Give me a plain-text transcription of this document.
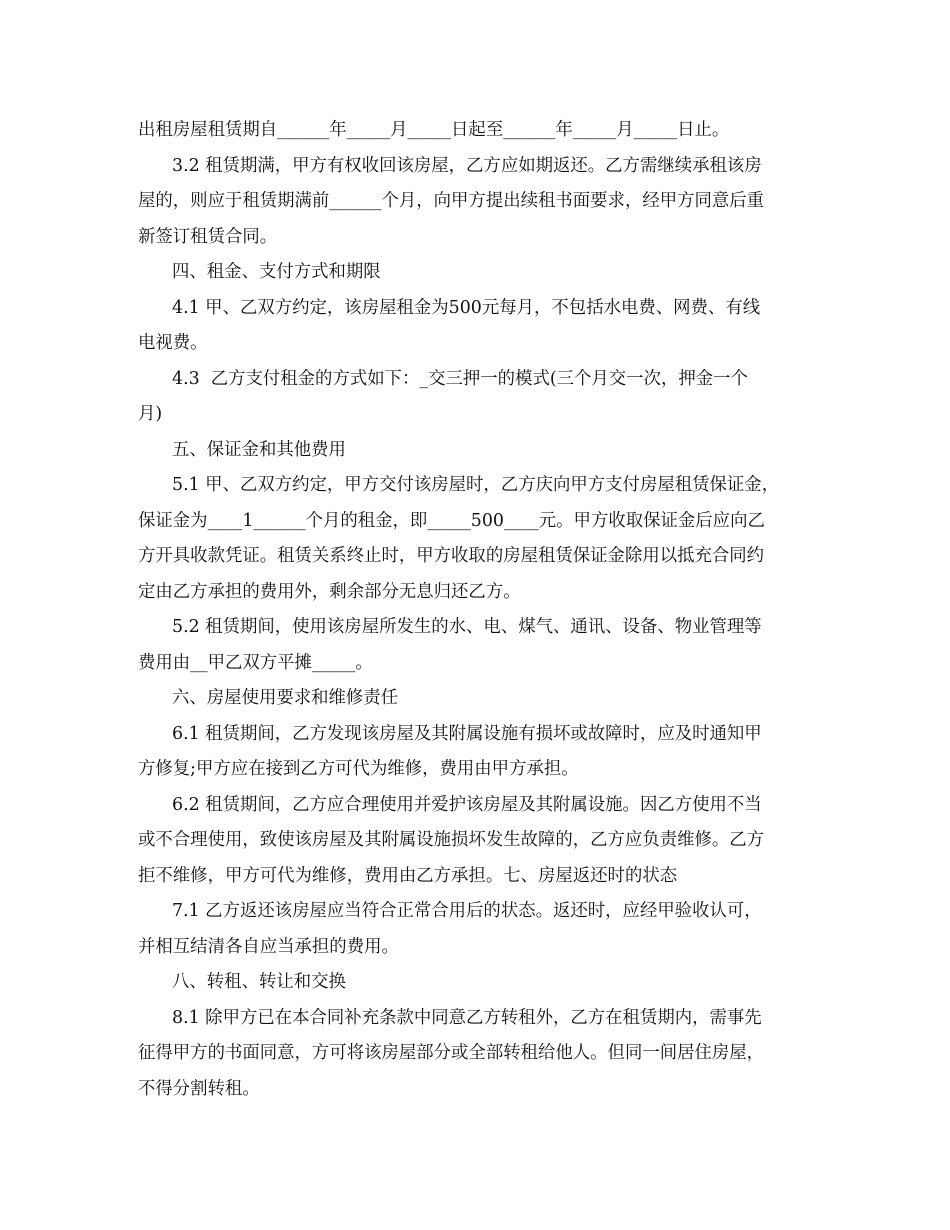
出租房屋租赁期自______年_____月_____日起至______年_____月_____日止。
3.2 租赁期满，甲方有权收回该房屋，乙方应如期返还。乙方需继续承租该房
屋的，则应于租赁期满前______个月，向甲方提出续租书面要求，经甲方同意后重
新签订租赁合同。
四、租金、支付方式和期限
4.1 甲、乙双方约定，该房屋租金为500元每月，不包括水电费、网费、有线
电视费。
4.3  乙方支付租金的方式如下：_交三押一的模式(三个月交一次，押金一个
月)
五、保证金和其他费用
5.1 甲、乙双方约定，甲方交付该房屋时，乙方庆向甲方支付房屋租赁保证金，
保证金为____1______个月的租金，即_____500____元。甲方收取保证金后应向乙
方开具收款凭证。租赁关系终止时，甲方收取的房屋租赁保证金除用以抵充合同约
定由乙方承担的费用外，剩余部分无息归还乙方。
5.2 租赁期间，使用该房屋所发生的水、电、煤气、通讯、设备、物业管理等
费用由__甲乙双方平摊_____。
六、房屋使用要求和维修责任
6.1 租赁期间，乙方发现该房屋及其附属设施有损坏或故障时，应及时通知甲
方修复;甲方应在接到乙方可代为维修，费用由甲方承担。
6.2 租赁期间，乙方应合理使用并爱护该房屋及其附属设施。因乙方使用不当
或不合理使用，致使该房屋及其附属设施损坏发生故障的，乙方应负责维修。乙方
拒不维修，甲方可代为维修，费用由乙方承担。七、房屋返还时的状态
7.1 乙方返还该房屋应当符合正常合用后的状态。返还时，应经甲验收认可，
并相互结清各自应当承担的费用。
八、转租、转让和交换
8.1 除甲方已在本合同补充条款中同意乙方转租外，乙方在租赁期内，需事先
征得甲方的书面同意，方可将该房屋部分或全部转租给他人。但同一间居住房屋，
不得分割转租。
